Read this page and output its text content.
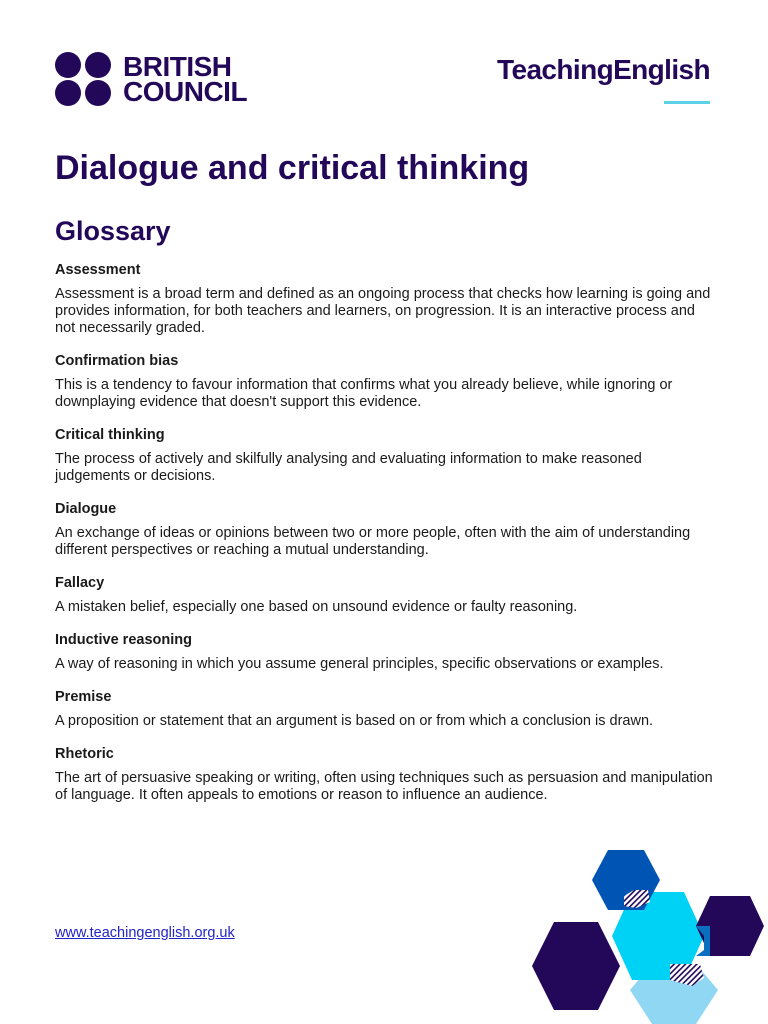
BRITISH
COUNCIL
TeachingEnglish
Dialogue and critical thinking
Glossary

Assessment

Assessment is a broad term and defined as an ongoing process that checks how learning is going and provides information, for both teachers and learners, on progression. It is an interactive process and not necessarily graded.

Confirmation bias

This is a tendency to favour information that confirms what you already believe, while ignoring or downplaying evidence that doesn't support this evidence.

Critical thinking

The process of actively and skilfully analysing and evaluating information to make reasoned judgements or decisions.

Dialogue

An exchange of ideas or opinions between two or more people, often with the aim of understanding different perspectives or reaching a mutual understanding.

Fallacy

A mistaken belief, especially one based on unsound evidence or faulty reasoning.

Inductive reasoning

A way of reasoning in which you assume general principles, specific observations or examples.

Premise

A proposition or statement that an argument is based on or from which a conclusion is drawn.

Rhetoric

The art of persuasive speaking or writing, often using techniques such as persuasion and manipulation of language. It often appeals to emotions or reason to influence an audience.

www.teachingenglish.org.uk
